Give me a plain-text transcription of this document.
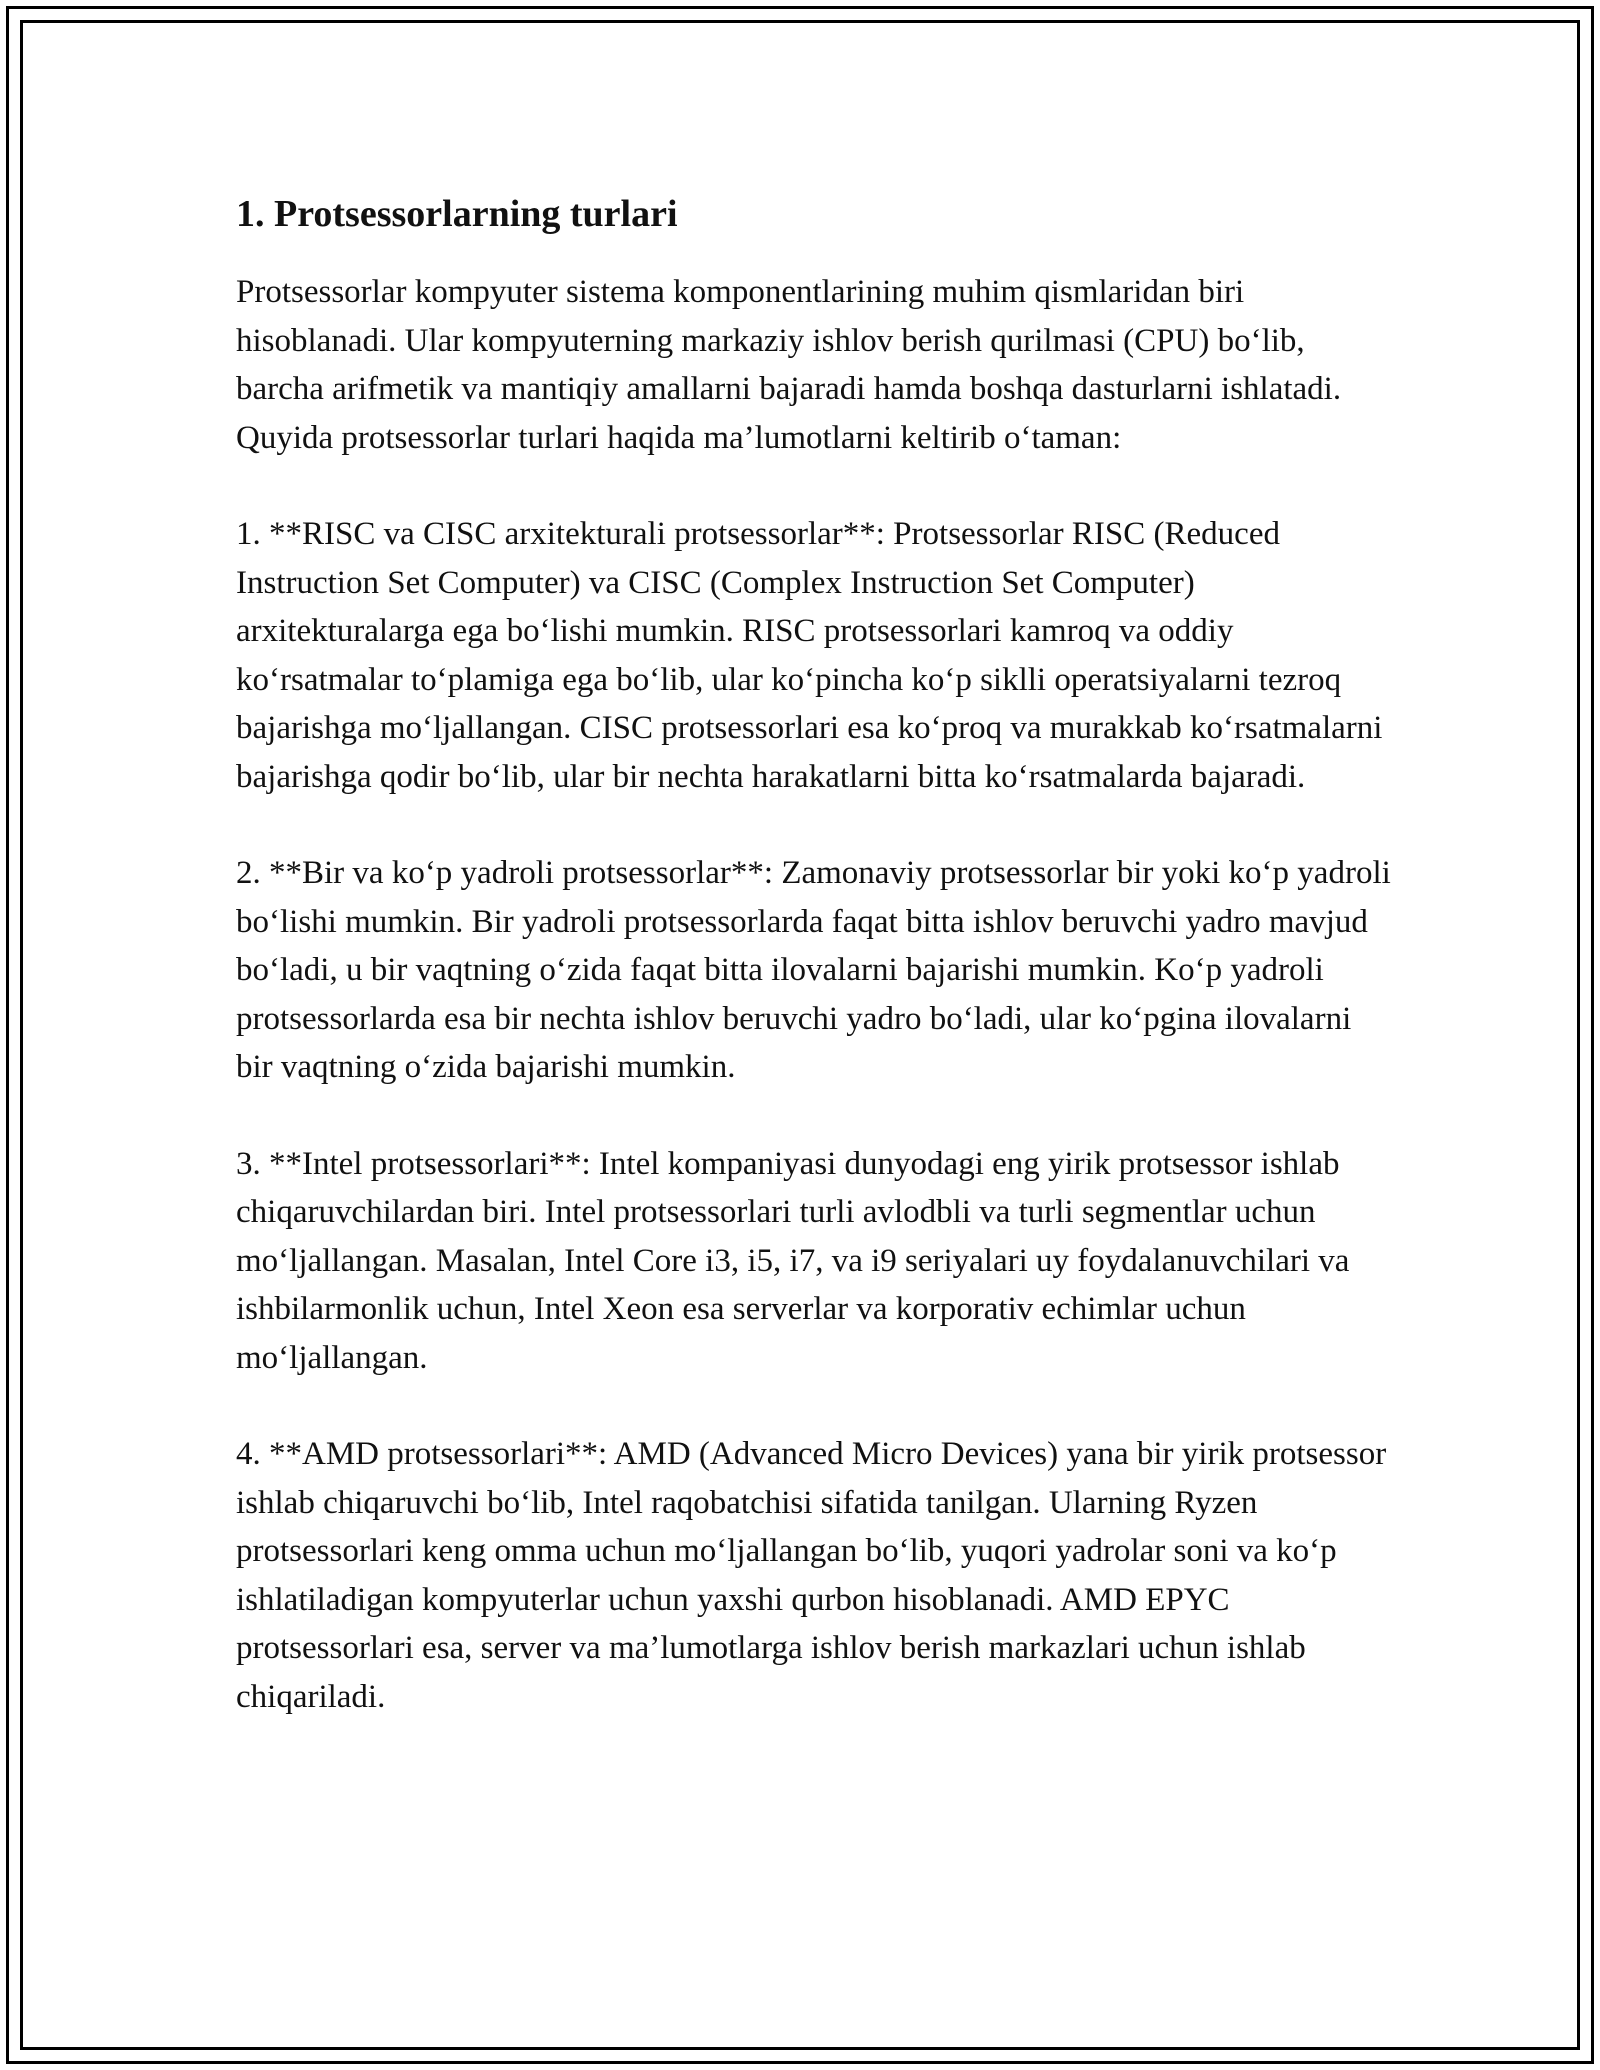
1. Protsessorlarning turlari

Protsessorlar kompyuter sistema komponentlarining muhim qismlaridan biri hisoblanadi. Ular kompyuterning markaziy ishlov berish qurilmasi (CPU) bo‘lib, barcha arifmetik va mantiqiy amallarni bajaradi hamda boshqa dasturlarni ishlatadi. Quyida protsessorlar turlari haqida ma’lumotlarni keltirib o‘taman:

1. **RISC va CISC arxitekturali protsessorlar**: Protsessorlar RISC (Reduced Instruction Set Computer) va CISC (Complex Instruction Set Computer) arxitekturalarga ega bo‘lishi mumkin. RISC protsessorlari kamroq va oddiy ko‘rsatmalar to‘plamiga ega bo‘lib, ular ko‘pincha ko‘p siklli operatsiyalarni tezroq bajarishga mo‘ljallangan. CISC protsessorlari esa ko‘proq va murakkab ko‘rsatmalarni bajarishga qodir bo‘lib, ular bir nechta harakatlarni bitta ko‘rsatmalarda bajaradi.

2. **Bir va ko‘p yadroli protsessorlar**: Zamonaviy protsessorlar bir yoki ko‘p yadroli bo‘lishi mumkin. Bir yadroli protsessorlarda faqat bitta ishlov beruvchi yadro mavjud bo‘ladi, u bir vaqtning o‘zida faqat bitta ilovalarni bajarishi mumkin. Ko‘p yadroli protsessorlarda esa bir nechta ishlov beruvchi yadro bo‘ladi, ular ko‘pgina ilovalarni bir vaqtning o‘zida bajarishi mumkin.

3. **Intel protsessorlari**: Intel kompaniyasi dunyodagi eng yirik protsessor ishlab chiqaruvchilardan biri. Intel protsessorlari turli avlodbli va turli segmentlar uchun mo‘ljallangan. Masalan, Intel Core i3, i5, i7, va i9 seriyalari uy foydalanuvchilari va ishbilarmonlik uchun, Intel Xeon esa serverlar va korporativ echimlar uchun mo‘ljallangan.

4. **AMD protsessorlari**: AMD (Advanced Micro Devices) yana bir yirik protsessor ishlab chiqaruvchi bo‘lib, Intel raqobatchisi sifatida tanilgan. Ularning Ryzen protsessorlari keng omma uchun mo‘ljallangan bo‘lib, yuqori yadrolar soni va ko‘p ishlatiladigan kompyuterlar uchun yaxshi qurbon hisoblanadi. AMD EPYC protsessorlari esa, server va ma’lumotlarga ishlov berish markazlari uchun ishlab chiqariladi.
